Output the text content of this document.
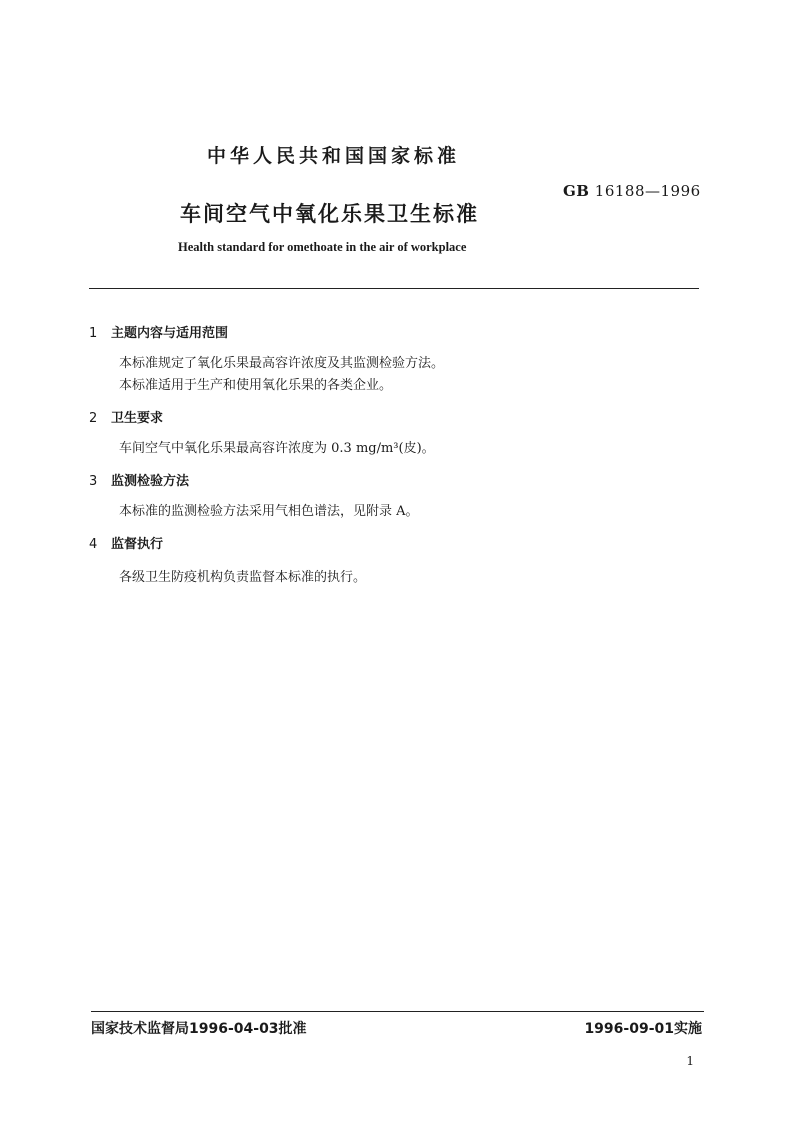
中华人民共和国国家标准
GB 16188—1996
车间空气中氧化乐果卫生标准
Health standard for omethoate in the air of workplace
1 主题内容与适用范围
本标准规定了氧化乐果最高容许浓度及其监测检验方法。
本标准适用于生产和使用氧化乐果的各类企业。
2 卫生要求
车间空气中氧化乐果最高容许浓度为 0.3 mg/m³(皮)。
3 监测检验方法
本标准的监测检验方法采用气相色谱法，见附录 A。
4 监督执行
各级卫生防疫机构负责监督本标准的执行。
国家技术监督局1996-04-03批准	1996-09-01实施
1
